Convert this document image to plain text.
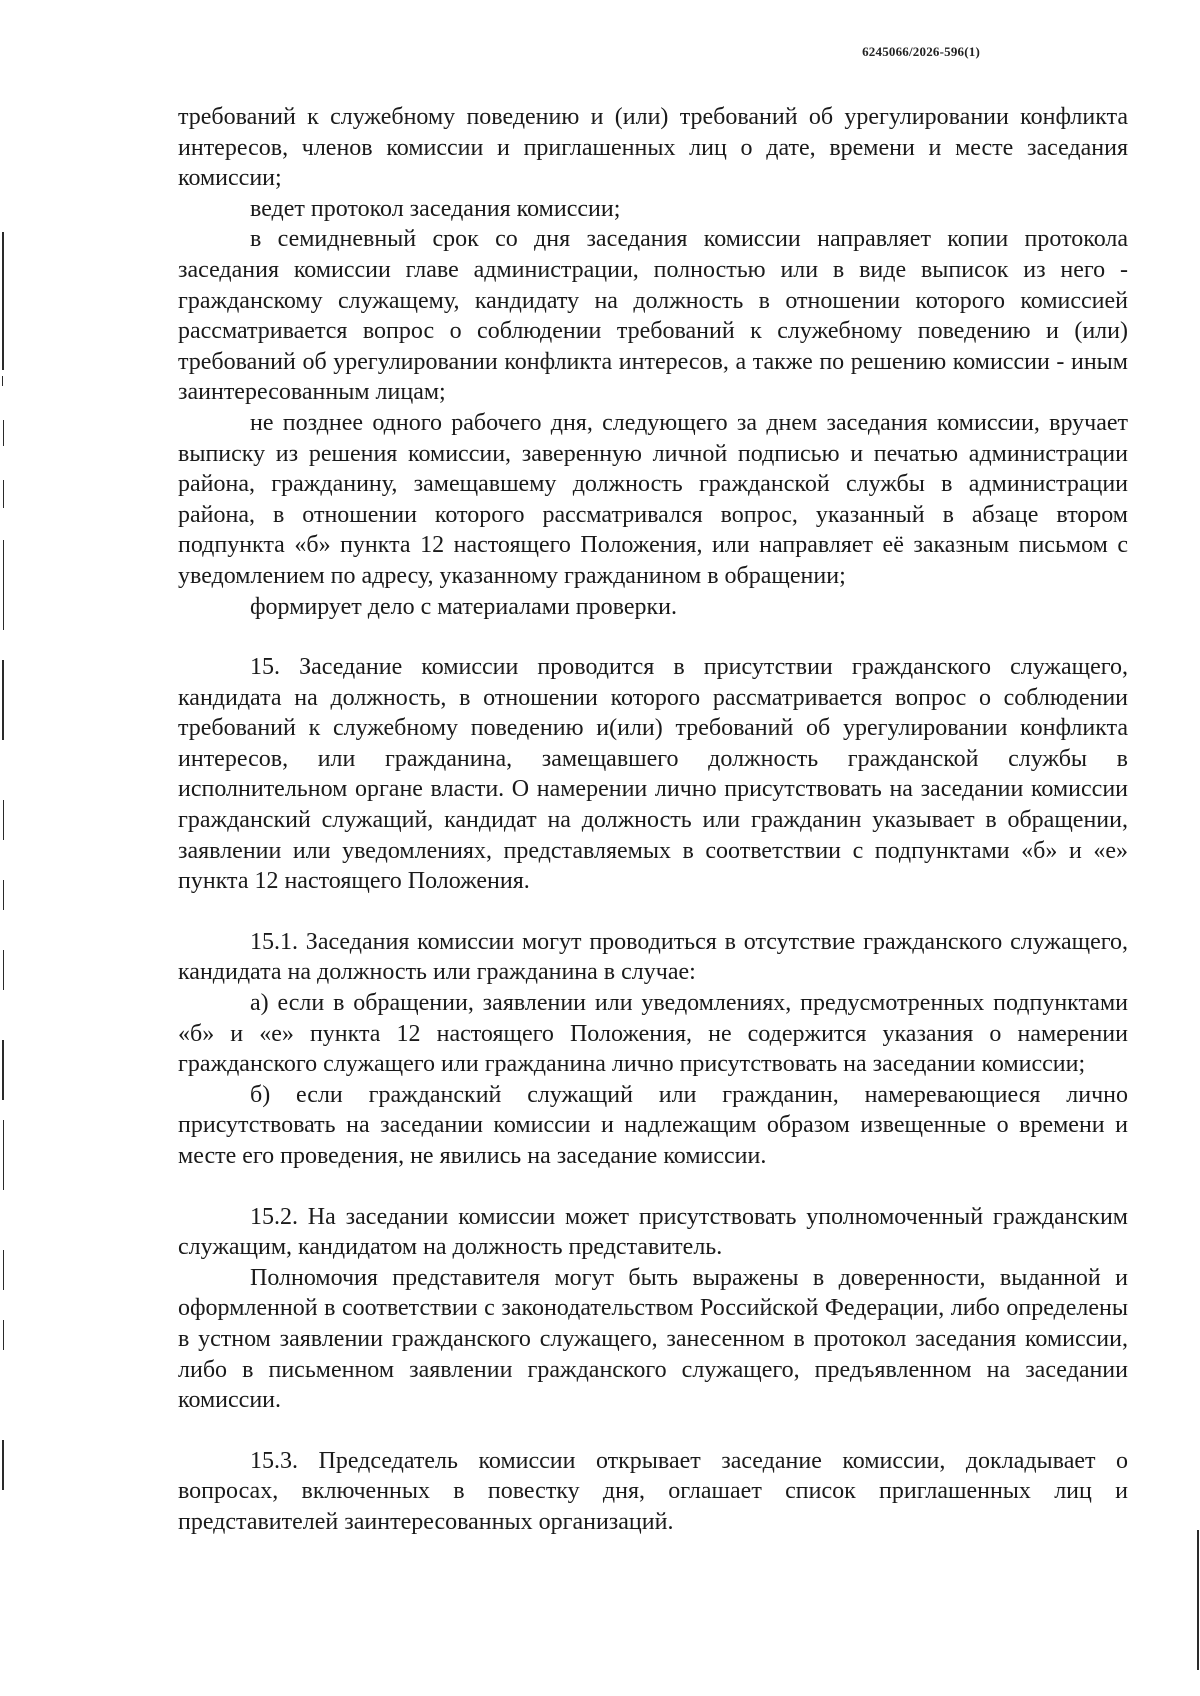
6245066/2026-596(1)

требований к служебному поведению и (или) требований об урегулировании конфликта интересов, членов комиссии и приглашенных лиц о дате, времени и месте заседания комиссии;

ведет протокол заседания комиссии;

в семидневный срок со дня заседания комиссии направляет копии протокола заседания комиссии главе администрации, полностью или в виде выписок из него - гражданскому служащему, кандидату на должность в отношении которого комиссией рассматривается вопрос о соблюдении требований к служебному поведению и (или) требований об урегулировании конфликта интересов, а также по решению комиссии - иным заинтересованным лицам;

не позднее одного рабочего дня, следующего за днем заседания комиссии, вручает выписку из решения комиссии, заверенную личной подписью и печатью администрации района, гражданину, замещавшему должность гражданской службы в администрации района, в отношении которого рассматривался вопрос, указанный в абзаце втором подпункта «б» пункта 12 настоящего Положения, или направляет её заказным письмом с уведомлением по адресу, указанному гражданином в обращении;

формирует дело с материалами проверки.

15. Заседание комиссии проводится в присутствии гражданского служащего, кандидата на должность, в отношении которого рассматривается вопрос о соблюдении требований к служебному поведению и(или) требований об урегулировании конфликта интересов, или гражданина, замещавшего должность гражданской службы в исполнительном органе власти. О намерении лично присутствовать на заседании комиссии гражданский служащий, кандидат на должность или гражданин указывает в обращении, заявлении или уведомлениях, представляемых в соответствии с подпунктами «б» и «е» пункта 12 настоящего Положения.

15.1. Заседания комиссии могут проводиться в отсутствие гражданского служащего, кандидата на должность или гражданина в случае:

а) если в обращении, заявлении или уведомлениях, предусмотренных подпунктами «б» и «е» пункта 12 настоящего Положения, не содержится указания о намерении гражданского служащего или гражданина лично присутствовать на заседании комиссии;

б) если гражданский служащий или гражданин, намеревающиеся лично присутствовать на заседании комиссии и надлежащим образом извещенные о времени и месте его проведения, не явились на заседание комиссии.

15.2. На заседании комиссии может присутствовать уполномоченный гражданским служащим, кандидатом на должность представитель.

Полномочия представителя могут быть выражены в доверенности, выданной и оформленной в соответствии с законодательством Российской Федерации, либо определены в устном заявлении гражданского служащего, занесенном в протокол заседания комиссии, либо в письменном заявлении гражданского служащего, предъявленном на заседании комиссии.

15.3. Председатель комиссии открывает заседание комиссии, докладывает о вопросах, включенных в повестку дня, оглашает список приглашенных лиц и представителей заинтересованных организаций.
